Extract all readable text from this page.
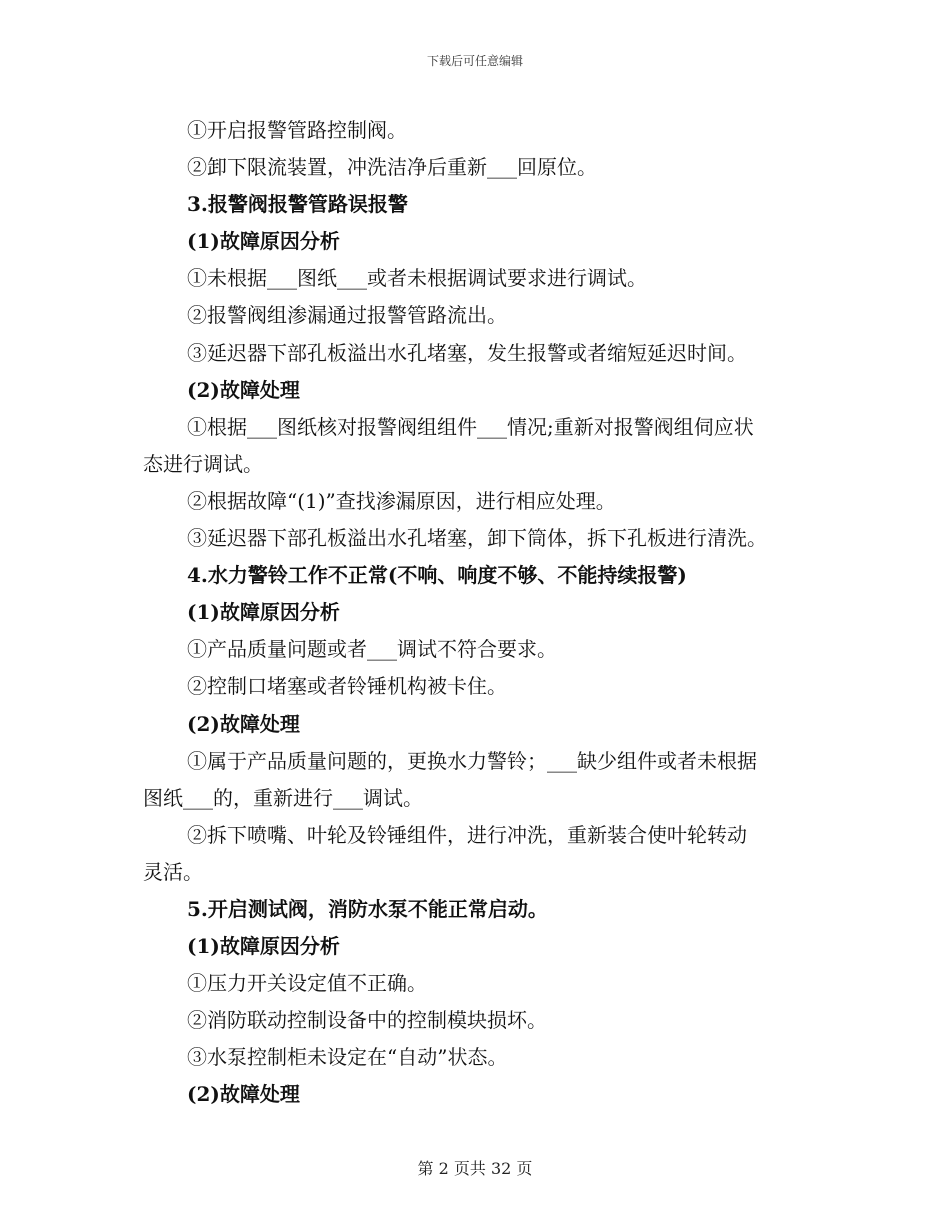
下载后可任意编辑
①开启报警管路控制阀。
②卸下限流装置，冲洗洁净后重新___回原位。
3.报警阀报警管路误报警
(1)故障原因分析
①未根据___图纸___或者未根据调试要求进行调试。
②报警阀组渗漏通过报警管路流出。
③延迟器下部孔板溢出水孔堵塞，发生报警或者缩短延迟时间。
(2)故障处理
①根据___图纸核对报警阀组组件___情况;重新对报警阀组伺应状
态进行调试。
②根据故障“(1)”查找渗漏原因，进行相应处理。
③延迟器下部孔板溢出水孔堵塞，卸下筒体，拆下孔板进行清洗。
4.水力警铃工作不正常(不响、响度不够、不能持续报警)
(1)故障原因分析
①产品质量问题或者___调试不符合要求。
②控制口堵塞或者铃锤机构被卡住。
(2)故障处理
①属于产品质量问题的，更换水力警铃；___缺少组件或者未根据
图纸___的，重新进行___调试。
②拆下喷嘴、叶轮及铃锤组件，进行冲洗，重新装合使叶轮转动
灵活。
5.开启测试阀，消防水泵不能正常启动。
(1)故障原因分析
①压力开关设定值不正确。
②消防联动控制设备中的控制模块损坏。
③水泵控制柜未设定在“自动”状态。
(2)故障处理
第 2 页共 32 页
